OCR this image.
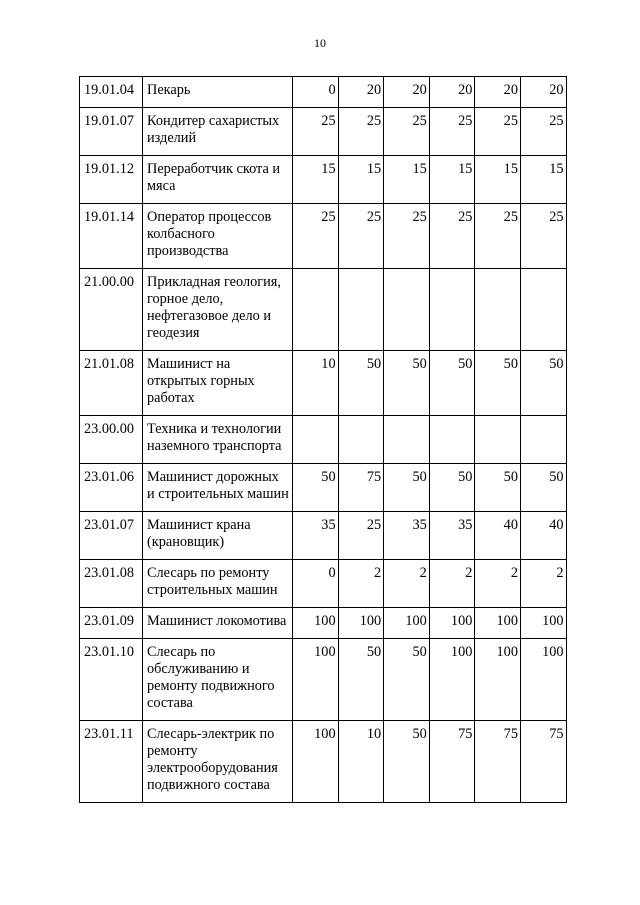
10
19.01.04	Пекарь	0	20	20	20	20	20
19.01.07	Кондитер сахаристых изделий	25	25	25	25	25	25
19.01.12	Переработчик скота и мяса	15	15	15	15	15	15
19.01.14	Оператор процессов колбасного производства	25	25	25	25	25	25
21.00.00	Прикладная геология, горное дело, нефтегазовое дело и геодезия						
21.01.08	Машинист на открытых горных работах	10	50	50	50	50	50
23.00.00	Техника и технологии наземного транспорта						
23.01.06	Машинист дорожных и строительных машин	50	75	50	50	50	50
23.01.07	Машинист крана (крановщик)	35	25	35	35	40	40
23.01.08	Слесарь по ремонту строительных машин	0	2	2	2	2	2
23.01.09	Машинист локомотива	100	100	100	100	100	100
23.01.10	Слесарь по обслуживанию и ремонту подвижного состава	100	50	50	100	100	100
23.01.11	Слесарь-электрик по ремонту электрооборудования подвижного состава	100	10	50	75	75	75
